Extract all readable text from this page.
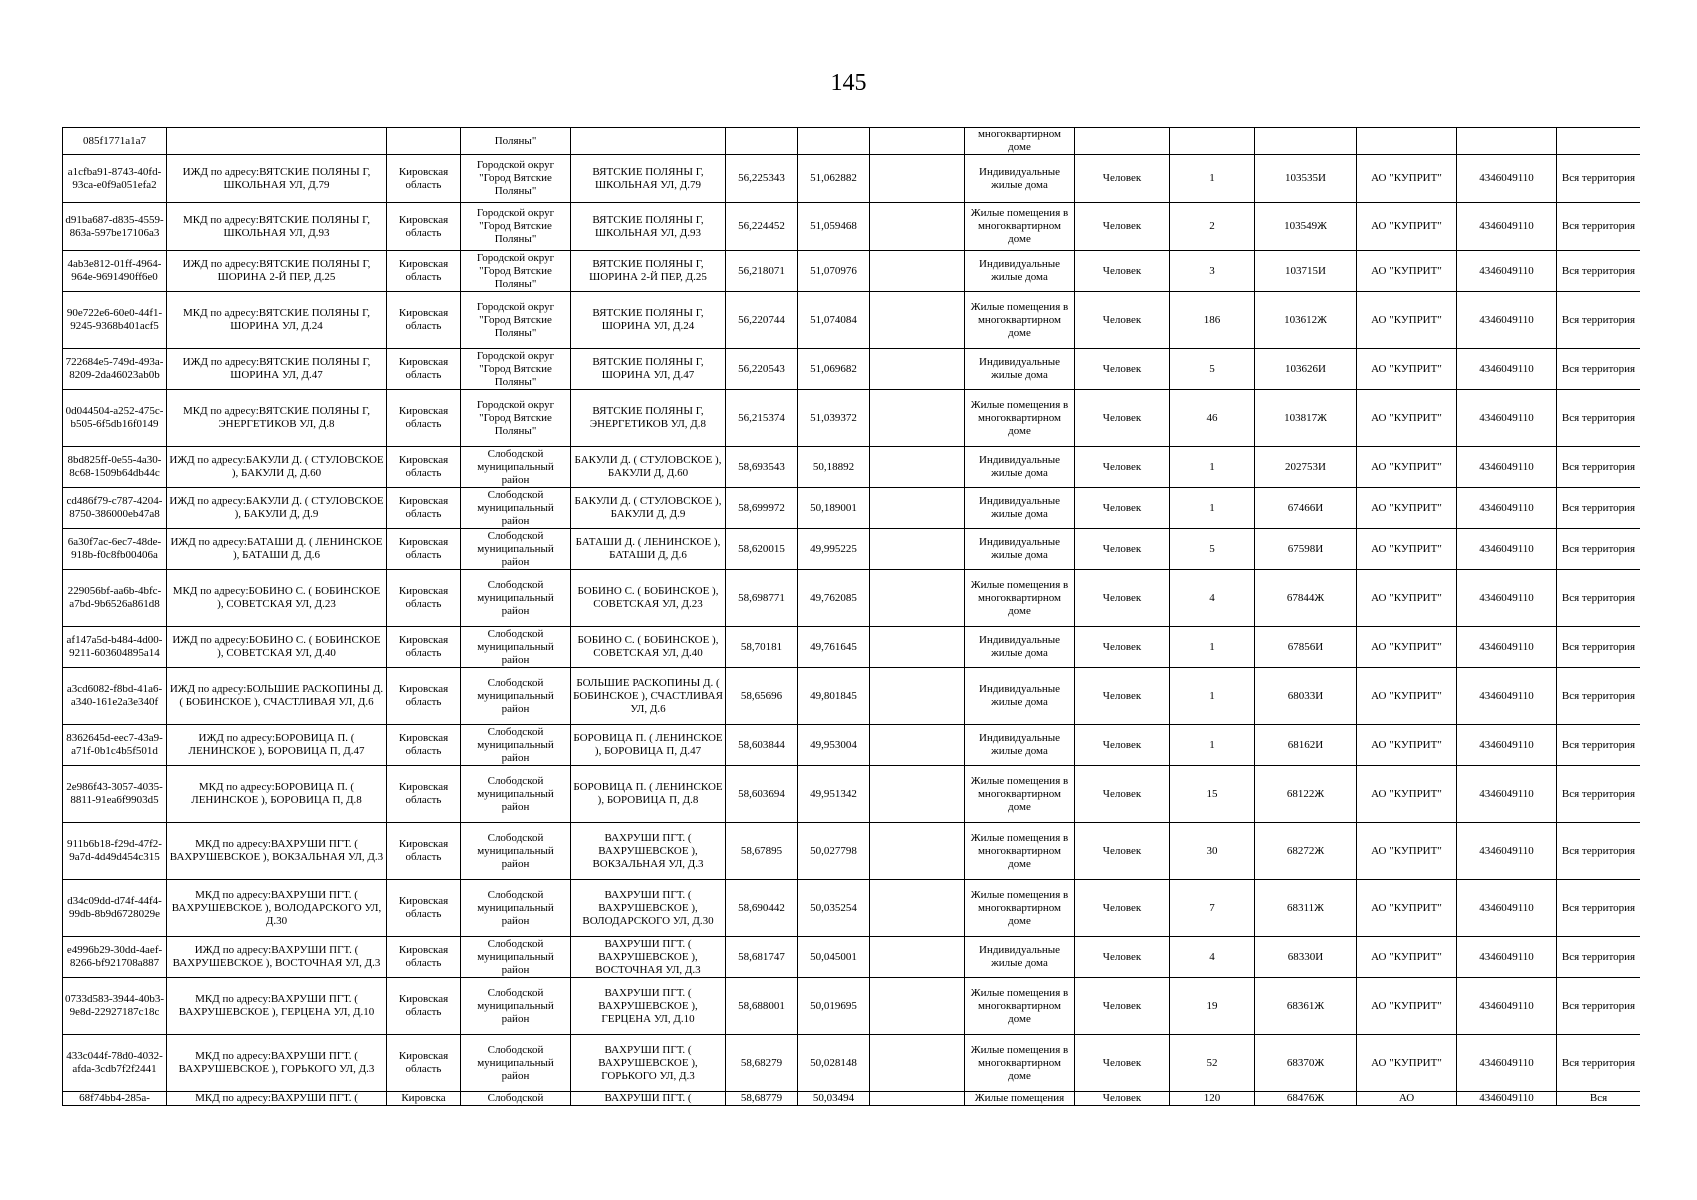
145
085f1771a1a7			Поляны"					многоквартирном доме						
a1cfba91-8743-40fd-93ca-e0f9a051efa2	ИЖД по адресу:ВЯТСКИЕ ПОЛЯНЫ Г, ШКОЛЬНАЯ УЛ, Д.79	Кировская область	Городской округ "Город Вятские Поляны"	ВЯТСКИЕ ПОЛЯНЫ Г, ШКОЛЬНАЯ УЛ, Д.79	56,225343	51,062882		Индивидуальные жилые дома	Человек	1	103535И	АО "КУПРИТ"	4346049110	Вся территория
d91ba687-d835-4559-863a-597be17106a3	МКД по адресу:ВЯТСКИЕ ПОЛЯНЫ Г, ШКОЛЬНАЯ УЛ, Д.93	Кировская область	Городской округ "Город Вятские Поляны"	ВЯТСКИЕ ПОЛЯНЫ Г, ШКОЛЬНАЯ УЛ, Д.93	56,224452	51,059468		Жилые помещения в многоквартирном доме	Человек	2	103549Ж	АО "КУПРИТ"	4346049110	Вся территория
4ab3e812-01ff-4964-964e-9691490ff6e0	ИЖД по адресу:ВЯТСКИЕ ПОЛЯНЫ Г, ШОРИНА 2-Й ПЕР, Д.25	Кировская область	Городской округ "Город Вятские Поляны"	ВЯТСКИЕ ПОЛЯНЫ Г, ШОРИНА 2-Й ПЕР, Д.25	56,218071	51,070976		Индивидуальные жилые дома	Человек	3	103715И	АО "КУПРИТ"	4346049110	Вся территория
90e722e6-60e0-44f1-9245-9368b401acf5	МКД по адресу:ВЯТСКИЕ ПОЛЯНЫ Г, ШОРИНА УЛ, Д.24	Кировская область	Городской округ "Город Вятские Поляны"	ВЯТСКИЕ ПОЛЯНЫ Г, ШОРИНА УЛ, Д.24	56,220744	51,074084		Жилые помещения в многоквартирном доме	Человек	186	103612Ж	АО "КУПРИТ"	4346049110	Вся территория
722684e5-749d-493a-8209-2da46023ab0b	ИЖД по адресу:ВЯТСКИЕ ПОЛЯНЫ Г, ШОРИНА УЛ, Д.47	Кировская область	Городской округ "Город Вятские Поляны"	ВЯТСКИЕ ПОЛЯНЫ Г, ШОРИНА УЛ, Д.47	56,220543	51,069682		Индивидуальные жилые дома	Человек	5	103626И	АО "КУПРИТ"	4346049110	Вся территория
0d044504-a252-475c-b505-6f5db16f0149	МКД по адресу:ВЯТСКИЕ ПОЛЯНЫ Г, ЭНЕРГЕТИКОВ УЛ, Д.8	Кировская область	Городской округ "Город Вятские Поляны"	ВЯТСКИЕ ПОЛЯНЫ Г, ЭНЕРГЕТИКОВ УЛ, Д.8	56,215374	51,039372		Жилые помещения в многоквартирном доме	Человек	46	103817Ж	АО "КУПРИТ"	4346049110	Вся территория
8bd825ff-0e55-4a30-8c68-1509b64db44c	ИЖД по адресу:БАКУЛИ Д. ( СТУЛОВСКОЕ ), БАКУЛИ Д, Д.60	Кировская область	Слободской муниципальный район	БАКУЛИ Д. ( СТУЛОВСКОЕ ), БАКУЛИ Д, Д.60	58,693543	50,18892		Индивидуальные жилые дома	Человек	1	202753И	АО "КУПРИТ"	4346049110	Вся территория
cd486f79-c787-4204-8750-386000eb47a8	ИЖД по адресу:БАКУЛИ Д. ( СТУЛОВСКОЕ ), БАКУЛИ Д, Д.9	Кировская область	Слободской муниципальный район	БАКУЛИ Д. ( СТУЛОВСКОЕ ), БАКУЛИ Д, Д.9	58,699972	50,189001		Индивидуальные жилые дома	Человек	1	67466И	АО "КУПРИТ"	4346049110	Вся территория
6a30f7ac-6ec7-48de-918b-f0c8fb00406a	ИЖД по адресу:БАТАШИ Д. ( ЛЕНИНСКОЕ ), БАТАШИ Д, Д.6	Кировская область	Слободской муниципальный район	БАТАШИ Д. ( ЛЕНИНСКОЕ ), БАТАШИ Д, Д.6	58,620015	49,995225		Индивидуальные жилые дома	Человек	5	67598И	АО "КУПРИТ"	4346049110	Вся территория
229056bf-aa6b-4bfc-a7bd-9b6526a861d8	МКД по адресу:БОБИНО С. ( БОБИНСКОЕ ), СОВЕТСКАЯ УЛ, Д.23	Кировская область	Слободской муниципальный район	БОБИНО С. ( БОБИНСКОЕ ), СОВЕТСКАЯ УЛ, Д.23	58,698771	49,762085		Жилые помещения в многоквартирном доме	Человек	4	67844Ж	АО "КУПРИТ"	4346049110	Вся территория
af147a5d-b484-4d00-9211-603604895a14	ИЖД по адресу:БОБИНО С. ( БОБИНСКОЕ ), СОВЕТСКАЯ УЛ, Д.40	Кировская область	Слободской муниципальный район	БОБИНО С. ( БОБИНСКОЕ ), СОВЕТСКАЯ УЛ, Д.40	58,70181	49,761645		Индивидуальные жилые дома	Человек	1	67856И	АО "КУПРИТ"	4346049110	Вся территория
a3cd6082-f8bd-41a6-a340-161e2a3e340f	ИЖД по адресу:БОЛЬШИЕ РАСКОПИНЫ Д. ( БОБИНСКОЕ ), СЧАСТЛИВАЯ УЛ, Д.6	Кировская область	Слободской муниципальный район	БОЛЬШИЕ РАСКОПИНЫ Д. ( БОБИНСКОЕ ), СЧАСТЛИВАЯ УЛ, Д.6	58,65696	49,801845		Индивидуальные жилые дома	Человек	1	68033И	АО "КУПРИТ"	4346049110	Вся территория
8362645d-eec7-43a9-a71f-0b1c4b5f501d	ИЖД по адресу:БОРОВИЦА П. ( ЛЕНИНСКОЕ ), БОРОВИЦА П, Д.47	Кировская область	Слободской муниципальный район	БОРОВИЦА П. ( ЛЕНИНСКОЕ ), БОРОВИЦА П, Д.47	58,603844	49,953004		Индивидуальные жилые дома	Человек	1	68162И	АО "КУПРИТ"	4346049110	Вся территория
2e986f43-3057-4035-8811-91ea6f9903d5	МКД по адресу:БОРОВИЦА П. ( ЛЕНИНСКОЕ ), БОРОВИЦА П, Д.8	Кировская область	Слободской муниципальный район	БОРОВИЦА П. ( ЛЕНИНСКОЕ ), БОРОВИЦА П, Д.8	58,603694	49,951342		Жилые помещения в многоквартирном доме	Человек	15	68122Ж	АО "КУПРИТ"	4346049110	Вся территория
911b6b18-f29d-47f2-9a7d-4d49d454c315	МКД по адресу:ВАХРУШИ ПГТ. ( ВАХРУШЕВСКОЕ ), ВОКЗАЛЬНАЯ УЛ, Д.3	Кировская область	Слободской муниципальный район	ВАХРУШИ ПГТ. ( ВАХРУШЕВСКОЕ ), ВОКЗАЛЬНАЯ УЛ, Д.3	58,67895	50,027798		Жилые помещения в многоквартирном доме	Человек	30	68272Ж	АО "КУПРИТ"	4346049110	Вся территория
d34c09dd-d74f-44f4-99db-8b9d6728029e	МКД по адресу:ВАХРУШИ ПГТ. ( ВАХРУШЕВСКОЕ ), ВОЛОДАРСКОГО УЛ, Д.30	Кировская область	Слободской муниципальный район	ВАХРУШИ ПГТ. ( ВАХРУШЕВСКОЕ ), ВОЛОДАРСКОГО УЛ, Д.30	58,690442	50,035254		Жилые помещения в многоквартирном доме	Человек	7	68311Ж	АО "КУПРИТ"	4346049110	Вся территория
e4996b29-30dd-4aef-8266-bf921708a887	ИЖД по адресу:ВАХРУШИ ПГТ. ( ВАХРУШЕВСКОЕ ), ВОСТОЧНАЯ УЛ, Д.3	Кировская область	Слободской муниципальный район	ВАХРУШИ ПГТ. ( ВАХРУШЕВСКОЕ ), ВОСТОЧНАЯ УЛ, Д.3	58,681747	50,045001		Индивидуальные жилые дома	Человек	4	68330И	АО "КУПРИТ"	4346049110	Вся территория
0733d583-3944-40b3-9e8d-22927187c18c	МКД по адресу:ВАХРУШИ ПГТ. ( ВАХРУШЕВСКОЕ ), ГЕРЦЕНА УЛ, Д.10	Кировская область	Слободской муниципальный район	ВАХРУШИ ПГТ. ( ВАХРУШЕВСКОЕ ), ГЕРЦЕНА УЛ, Д.10	58,688001	50,019695		Жилые помещения в многоквартирном доме	Человек	19	68361Ж	АО "КУПРИТ"	4346049110	Вся территория
433c044f-78d0-4032-afda-3cdb7f2f2441	МКД по адресу:ВАХРУШИ ПГТ. ( ВАХРУШЕВСКОЕ ), ГОРЬКОГО УЛ, Д.3	Кировская область	Слободской муниципальный район	ВАХРУШИ ПГТ. ( ВАХРУШЕВСКОЕ ), ГОРЬКОГО УЛ, Д.3	58,68279	50,028148		Жилые помещения в многоквартирном доме	Человек	52	68370Ж	АО "КУПРИТ"	4346049110	Вся территория
68f74bb4-285a-	МКД по адресу:ВАХРУШИ ПГТ. (	Кировска	Слободской	ВАХРУШИ ПГТ. (	58,68779	50,03494		Жилые помещения	Человек	120	68476Ж	АО	4346049110	Вся
